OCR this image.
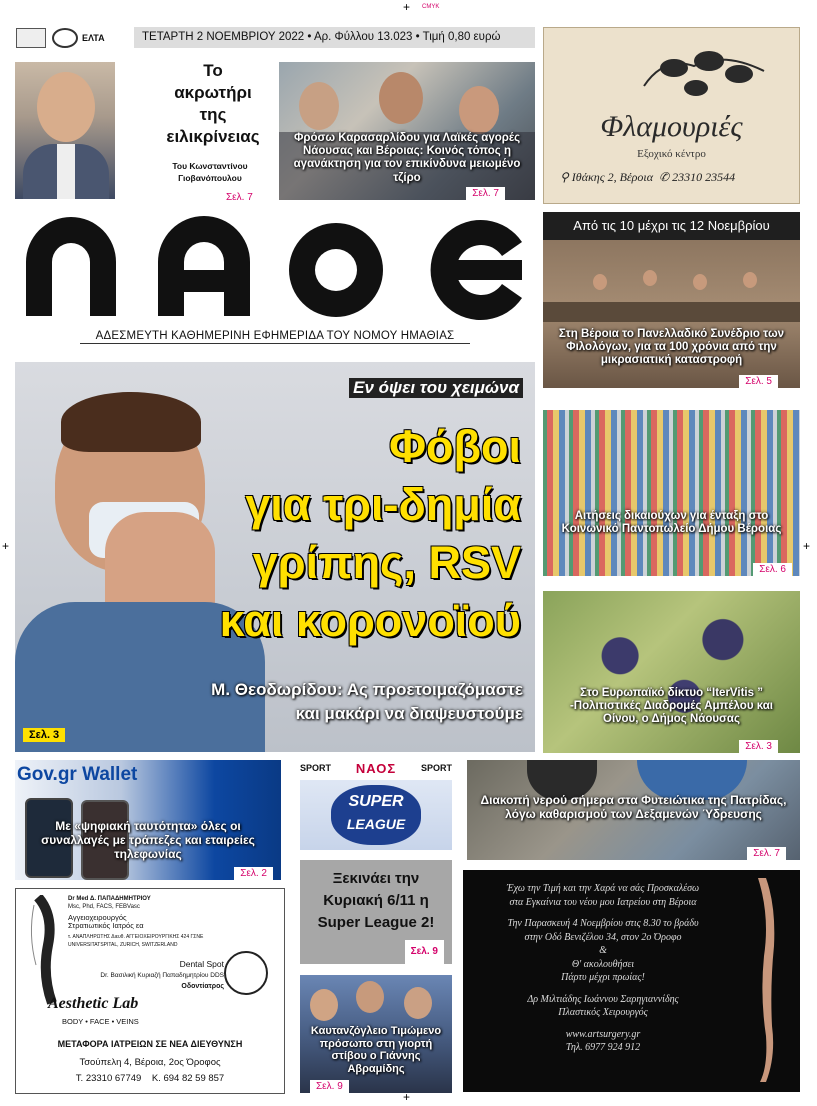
+ CMYK
ΕΛΤΑ	ΤΕΤΑΡΤΗ 2 ΝΟΕΜΒΡΙΟΥ 2022 • Αρ. Φύλλου 13.023 • Τιμή 0,80 ευρώ
Το
ακρωτήρι
της
ειλικρίνειας
Του Κωνσταντίνου
Γιοβανόπουλου
Σελ. 7
Φρόσω Καρασαρλίδου για Λαϊκές αγορές Νάουσας και Βέροιας: Κοινός τόπος η αγανάκτηση για τον επικίνδυνα μειωμένο τζίρο
Σελ. 7
Φλαμουριές
Εξοχικό κέντρο
⚲ Ιθάκης 2, Βέροια  ✆ 23310 23544
ΑΔΕΣΜΕΥΤΗ ΚΑΘΗΜΕΡΙΝΗ ΕΦΗΜΕΡΙΔΑ ΤΟΥ ΝΟΜΟΥ ΗΜΑΘΙΑΣ
Εν όψει του χειμώνα
Φόβοι
για τρι-δημία
γρίπης, RSV
και κορονοϊού
Μ. Θεοδωρίδου: Ας προετοιμαζόμαστε
και μακάρι να διαψευστούμε
Σελ. 3
Από τις 10 μέχρι τις 12 Νοεμβρίου
Στη Βέροια το Πανελλαδικό Συνέδριο των Φιλολόγων, για τα 100 χρόνια από την μικρασιατική καταστροφή
Σελ. 5
Αιτήσεις δικαιούχων για ένταξη στο Κοινωνικό Παντοπωλείο Δήμου Βέροιας
Σελ. 6
Στο Ευρωπαϊκό δίκτυο “IterVitis ” -Πολιτιστικές Διαδρομές Αμπέλου και Οίνου, ο Δήμος Νάουσας
Σελ. 3
Gov.gr Wallet
Με «ψηφιακή ταυτότητα» όλες οι συναλλαγές με τράπεζες και εταιρείες τηλεφωνίας
Σελ. 2
SPORT ΝΑΟΣ	SPORT
SUPER
LEAGUE
Ξεκινάει την Κυριακή 6/11 η Super League 2!
Σελ. 9
Καυτανζόγλειο Τιμώμενο πρόσωπο στη γιορτή στίβου ο Γιάννης Αβραμίδης
Σελ. 9
Διακοπή νερού σήμερα στα Φυτειώτικα της Πατρίδας, λόγω καθαρισμού των Δεξαμενών Ύδρευσης
Σελ. 7
Dr Med Δ. ΠΑΠΑΔΗΜΗΤΡΙΟΥ
Msc, Phd, FACS, FEBVasc
Αγγειοχειρουργός
Στρατιωτικός Ιατρός εα
τ. ΑΝΑΠΛΗΡΩΤΗΣ Διευθ. ΑΓΓΕΙΟΧΕΙΡΟΥΡΓΙΚΗΣ 424 ΓΣΝΕ
UNIVERSITATSPITAL, ZURICH, SWITZERLAND
Dental Spot
Dr. Βασιλική Κυριαζή Παπαδημητρίου DDS
Οδοντίατρος
Aesthetic Lab
BODY • FACE • VEINS
ΜΕΤΑΦΟΡΑ ΙΑΤΡΕΙΩΝ ΣΕ ΝΕΑ ΔΙΕΥΘΥΝΣΗ
Τσούπελη 4, Βέροια, 2ος Όροφος
Τ. 23310 67749    Κ. 694 82 59 857
Έχω την Τιμή και την Χαρά να σάς Προσκαλέσω
στα Εγκαίνια του νέου μου Ιατρείου στη Βέροια
Την Παρασκευή 4 Νοεμβρίου στις 8.30 το βράδυ
στην Οδό Βενιζέλου 34, στον 2ο Όροφο
&
Θ' ακολουθήσει
Πάρτυ μέχρι πρωίας!
Δρ Μιλτιάδης Ιωάννου Σαρηγιαννίδης
Πλαστικός Χειρουργός
www.artsurgery.gr
Τηλ. 6977 924 912
+	+
+
